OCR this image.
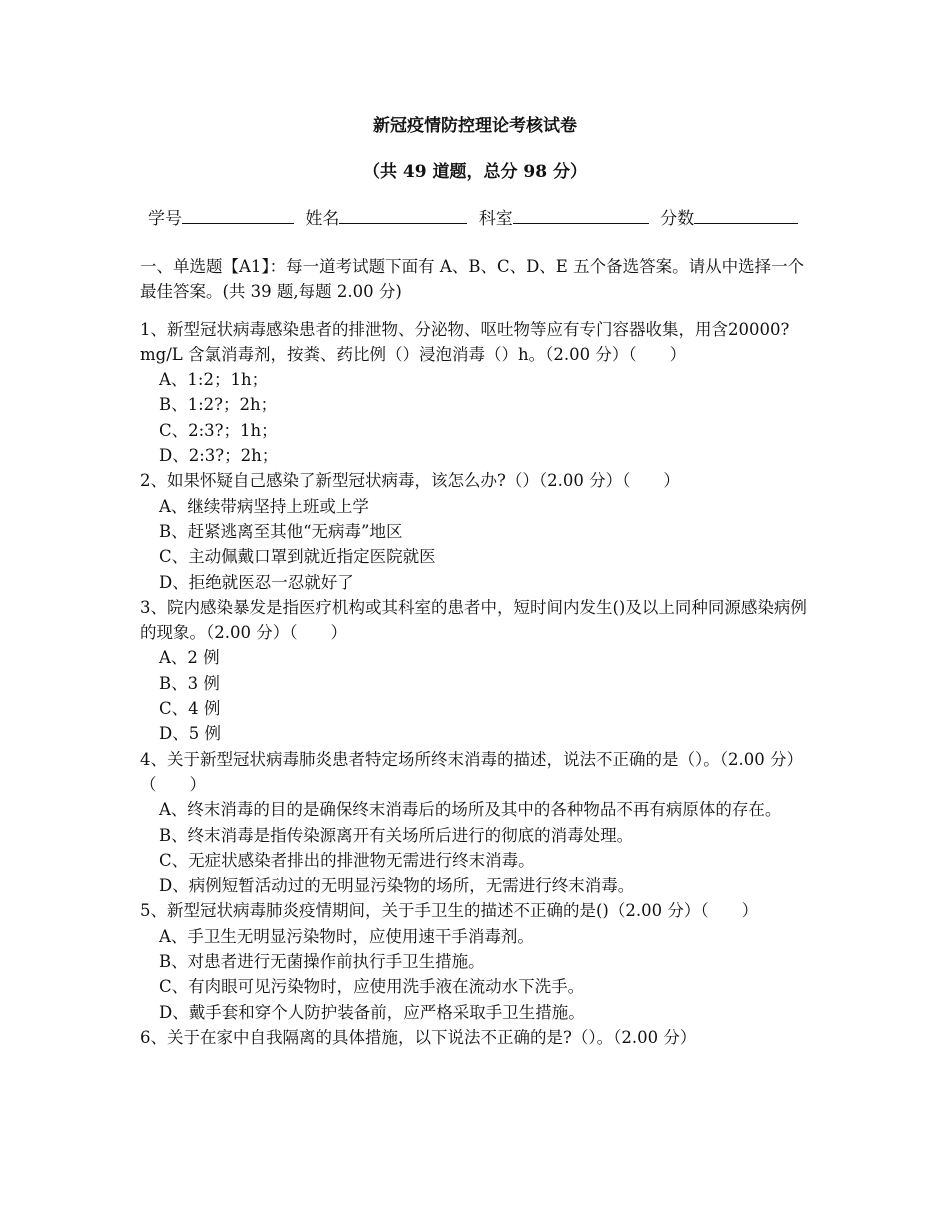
新冠疫情防控理论考核试卷
（共 49 道题，总分 98 分）
学号	姓名	科室	分数

一、单选题【A1】：每一道考试题下面有 A、B、C、D、E 五个备选答案。请从中选择一个最佳答案。(共 39 题,每题 2.00 分)

1、新型冠状病毒感染患者的排泄物、分泌物、呕吐物等应有专门容器收集，用含20000?mg/L 含氯消毒剂，按粪、药比例（）浸泡消毒（）h。（2.00 分）（　　）

A、1:2；1h；

B、1:2?；2h；

C、2:3?；1h；

D、2:3?；2h；

2、如果怀疑自己感染了新型冠状病毒，该怎么办?（）（2.00 分）（　　）

A、继续带病坚持上班或上学

B、赶紧逃离至其他“无病毒”地区

C、主动佩戴口罩到就近指定医院就医

D、拒绝就医忍一忍就好了

3、院内感染暴发是指医疗机构或其科室的患者中，短时间内发生()及以上同种同源感染病例的现象。（2.00 分）（　　）

A、2 例

B、3 例

C、4 例

D、5 例

4、关于新型冠状病毒肺炎患者特定场所终末消毒的描述，说法不正确的是（）。（2.00 分）（　　）

A、终末消毒的目的是确保终末消毒后的场所及其中的各种物品不再有病原体的存在。

B、终末消毒是指传染源离开有关场所后进行的彻底的消毒处理。

C、无症状感染者排出的排泄物无需进行终末消毒。

D、病例短暂活动过的无明显污染物的场所，无需进行终末消毒。

5、新型冠状病毒肺炎疫情期间，关于手卫生的描述不正确的是()（2.00 分）（　　）

A、手卫生无明显污染物时，应使用速干手消毒剂。

B、对患者进行无菌操作前执行手卫生措施。

C、有肉眼可见污染物时，应使用洗手液在流动水下洗手。

D、戴手套和穿个人防护装备前，应严格采取手卫生措施。

6、关于在家中自我隔离的具体措施，以下说法不正确的是?（）。（2.00 分）
